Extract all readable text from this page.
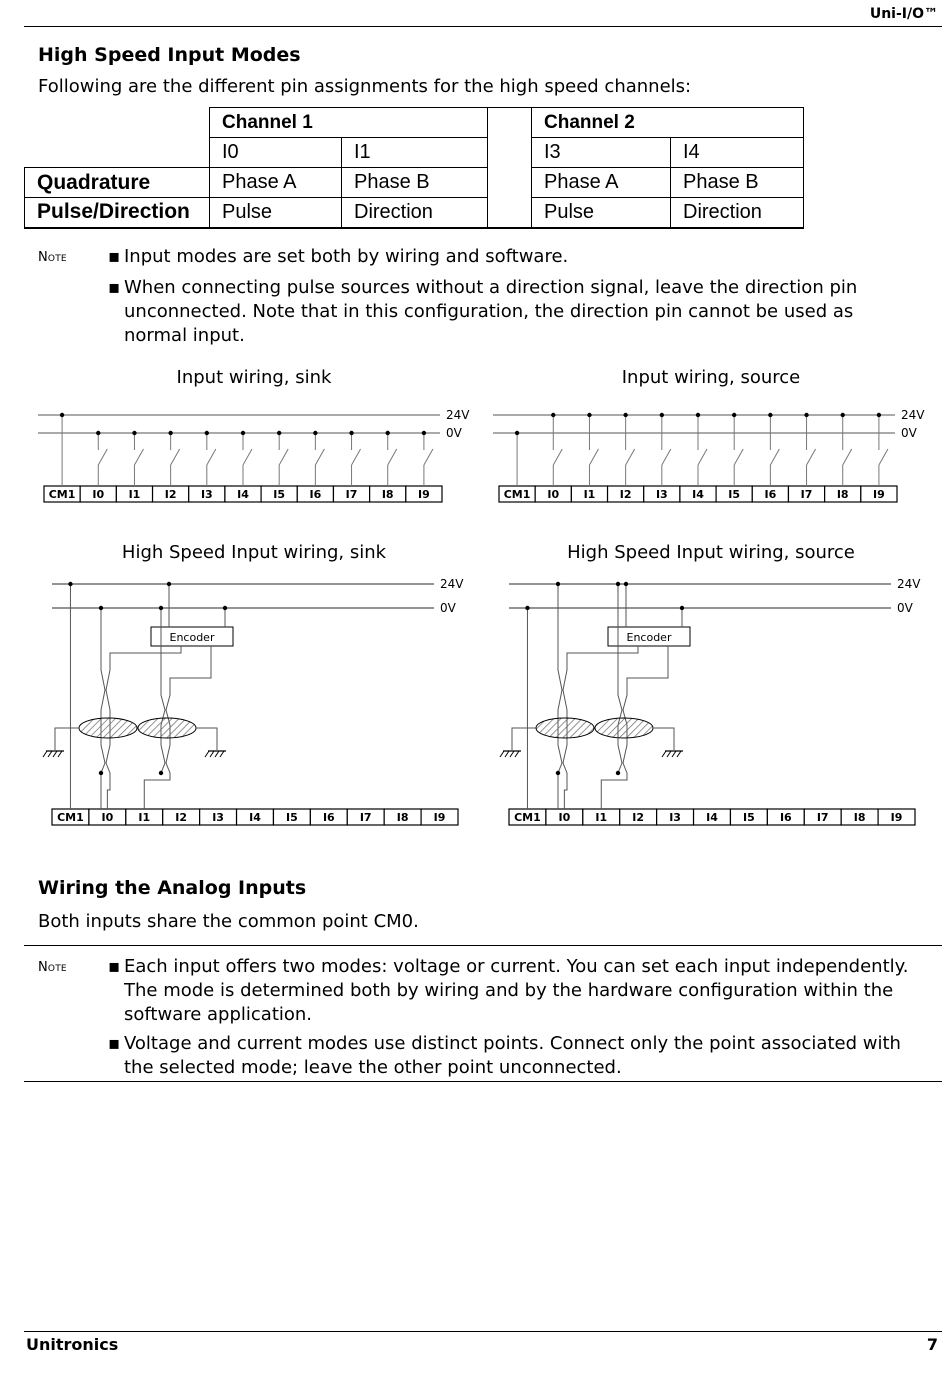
Uni-I/O™
High Speed Input Modes
Following are the different pin assignments for the high speed channels:
	Channel 1			Channel 2	
	I0	I1		I3	I4
Quadrature	Phase A	Phase B		Phase A	Phase B
Pulse/Direction	Pulse	Direction		Pulse	Direction
Note ▪ Input modes are set both by wiring and software.
▪ When connecting pulse sources without a direction signal, leave the direction pin unconnected. Note that in this configuration, the direction pin cannot be used as normal input.
Input wiring, sink	Input wiring, source
High Speed Input wiring, sink	High Speed Input wiring, source
24V
0V
CM1 I0 I1 I2 I3 I4 I5 I6 I7 I8 I9
24V
0V
CM1 I0 I1 I2 I3 I4 I5 I6 I7 I8 I9
24V
0V
CM1 I0 I1 I2 I3 I4 I5 I6 I7 I8 I9
Encoder
24V
0V
CM1 I0 I1 I2 I3 I4 I5 I6 I7 I8 I9
Encoder
Wiring the Analog Inputs
Both inputs share the common point CM0.
Note ▪ Each input offers two modes: voltage or current. You can set each input independently. The mode is determined both by wiring and by the hardware configuration within the software application.
▪ Voltage and current modes use distinct points. Connect only the point associated with the selected mode; leave the other point unconnected.
Unitronics	7
